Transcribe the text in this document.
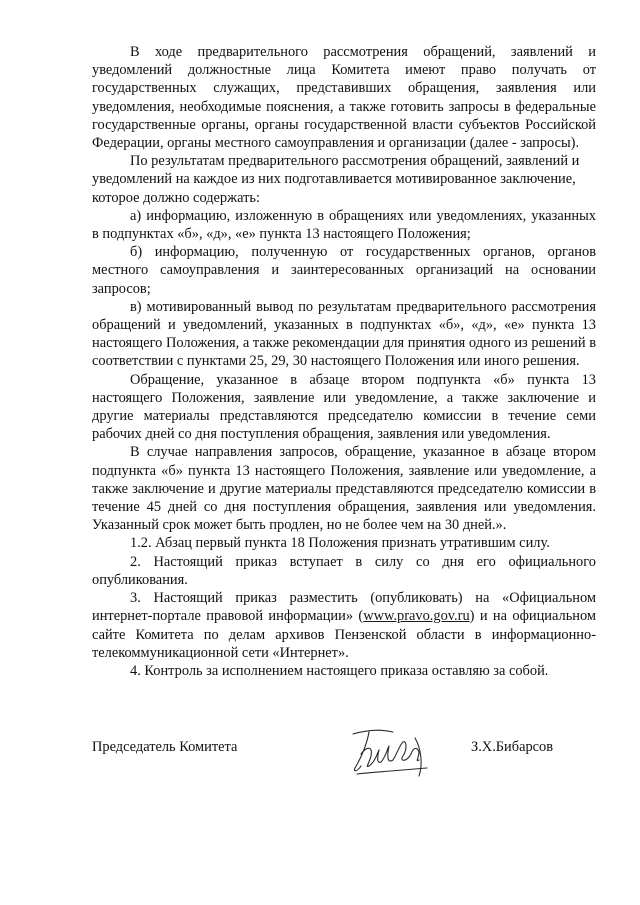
В ходе предварительного рассмотрения обращений, заявлений и уведомлений должностные лица Комитета имеют право получать от государственных служащих, представивших обращения, заявления или уведомления, необходимые пояснения, а также готовить запросы в федеральные государственные органы, органы государственной власти субъектов Российской Федерации, органы местного самоуправления и организации (далее - запросы).

По результатам предварительного рассмотрения обращений, заявлений и уведомлений на каждое из них подготавливается мотивированное заключение, которое должно содержать:

а) информацию, изложенную в обращениях или уведомлениях, указанных в подпунктах «б», «д», «е» пункта 13 настоящего Положения;

б) информацию, полученную от государственных органов, органов местного самоуправления и заинтересованных организаций на основании запросов;

в) мотивированный вывод по результатам предварительного рассмотрения обращений и уведомлений, указанных в подпунктах «б», «д», «е» пункта 13 настоящего Положения, а также рекомендации для принятия одного из решений в соответствии с пунктами 25, 29, 30 настоящего Положения или иного решения.

Обращение, указанное в абзаце втором подпункта «б» пункта 13 настоящего Положения, заявление или уведомление, а также заключение и другие материалы представляются председателю комиссии в течение семи рабочих дней со дня поступления обращения, заявления или уведомления.

В случае направления запросов, обращение, указанное в абзаце втором подпункта «б» пункта 13 настоящего Положения, заявление или уведомление, а также заключение и другие материалы представляются председателю комиссии в течение 45 дней со дня поступления обращения, заявления или уведомления. Указанный срок может быть продлен, но не более чем на 30 дней.».

1.2. Абзац первый пункта 18 Положения признать утратившим силу.

2. Настоящий приказ вступает в силу со дня его официального опубликования.

3. Настоящий приказ разместить (опубликовать) на «Официальном интернет-портале правовой информации» (www.pravo.gov.ru) и на официальном сайте Комитета по делам архивов Пензенской области в информационно-телекоммуникационной сети «Интернет».

4. Контроль за исполнением настоящего приказа оставляю за собой.

Председатель Комитета	З.Х.Бибарсов
